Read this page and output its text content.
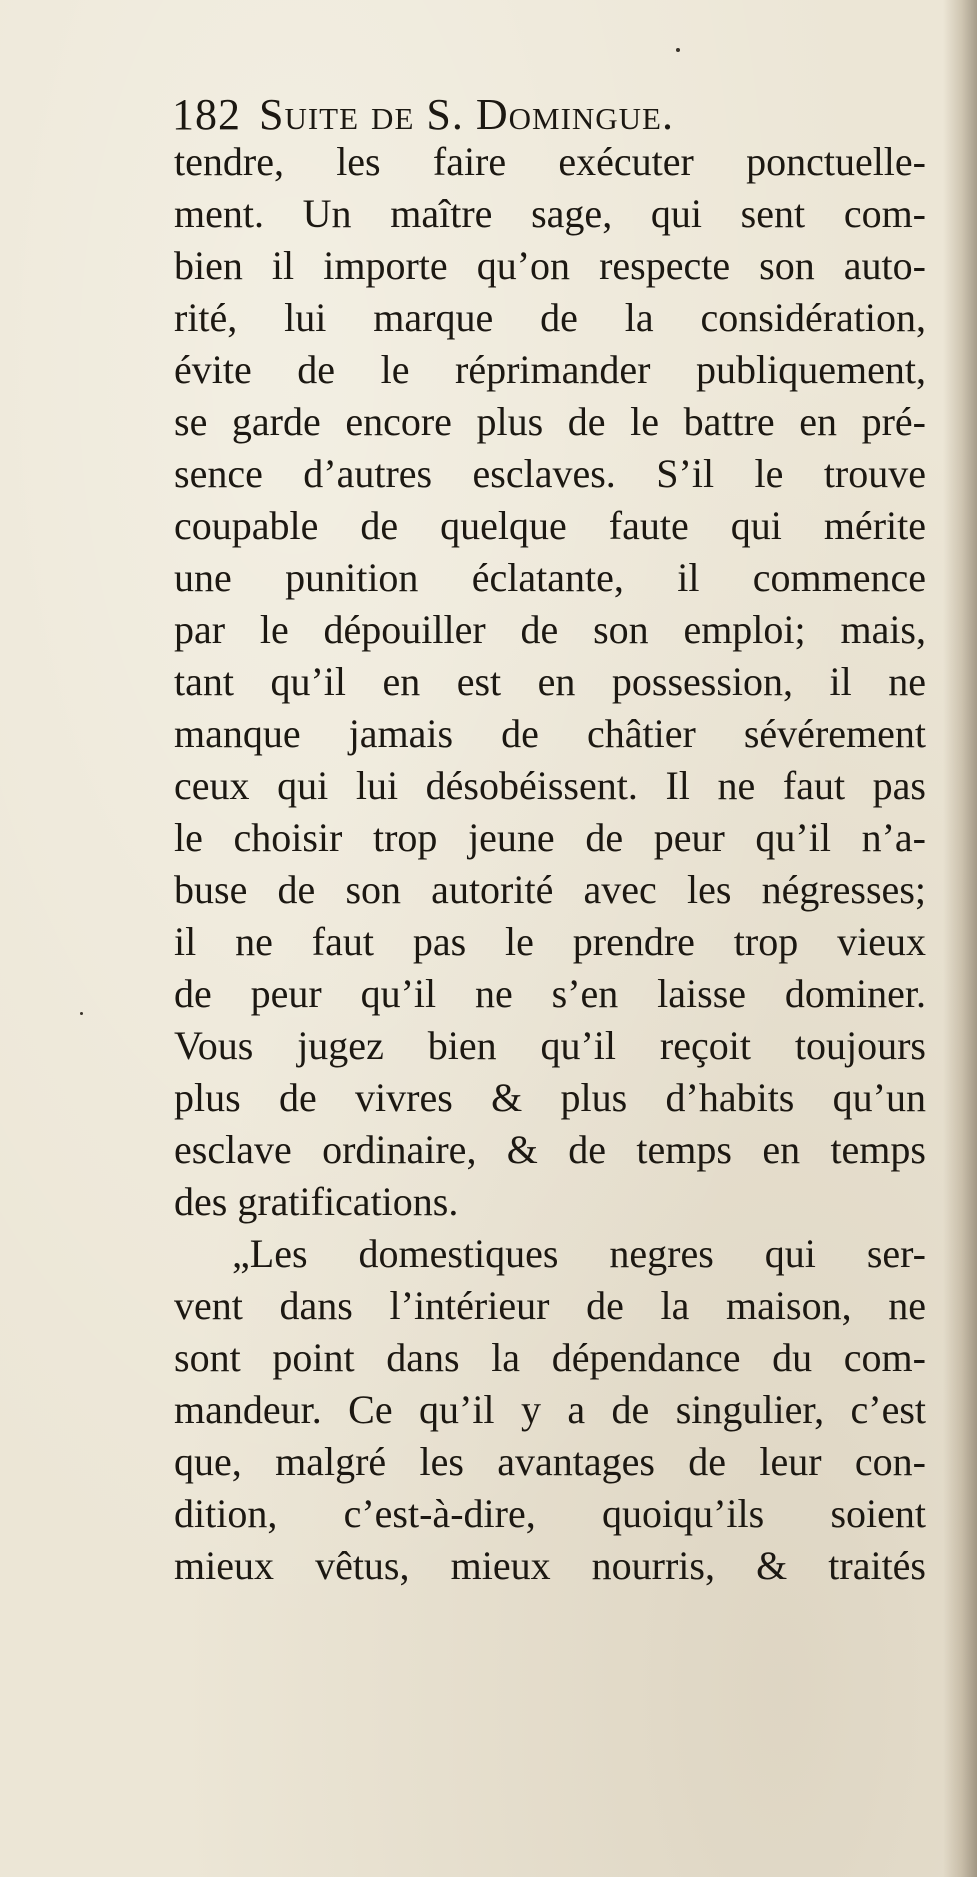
182 Suite de S. Domingue.
tendre, les faire exécuter ponctuelle-
ment. Un maître sage, qui sent com-
bien il importe qu’on respecte son auto-
rité, lui marque de la considération,
évite de le réprimander publiquement,
se garde encore plus de le battre en pré-
sence d’autres esclaves. S’il le trouve
coupable de quelque faute qui mérite
une punition éclatante, il commence
par le dépouiller de son emploi; mais,
tant qu’il en est en possession, il ne
manque jamais de châtier sévérement
ceux qui lui désobéissent. Il ne faut pas
le choisir trop jeune de peur qu’il n’a-
buse de son autorité avec les négresses;
il ne faut pas le prendre trop vieux
de peur qu’il ne s’en laisse dominer.
Vous jugez bien qu’il reçoit toujours
plus de vivres & plus d’habits qu’un
esclave ordinaire, & de temps en temps
des gratifications.
„Les domestiques negres qui ser-
vent dans l’intérieur de la maison, ne
sont point dans la dépendance du com-
mandeur. Ce qu’il y a de singulier, c’est
que, malgré les avantages de leur con-
dition, c’est-à-dire, quoiqu’ils soient
mieux vêtus, mieux nourris, & traités
